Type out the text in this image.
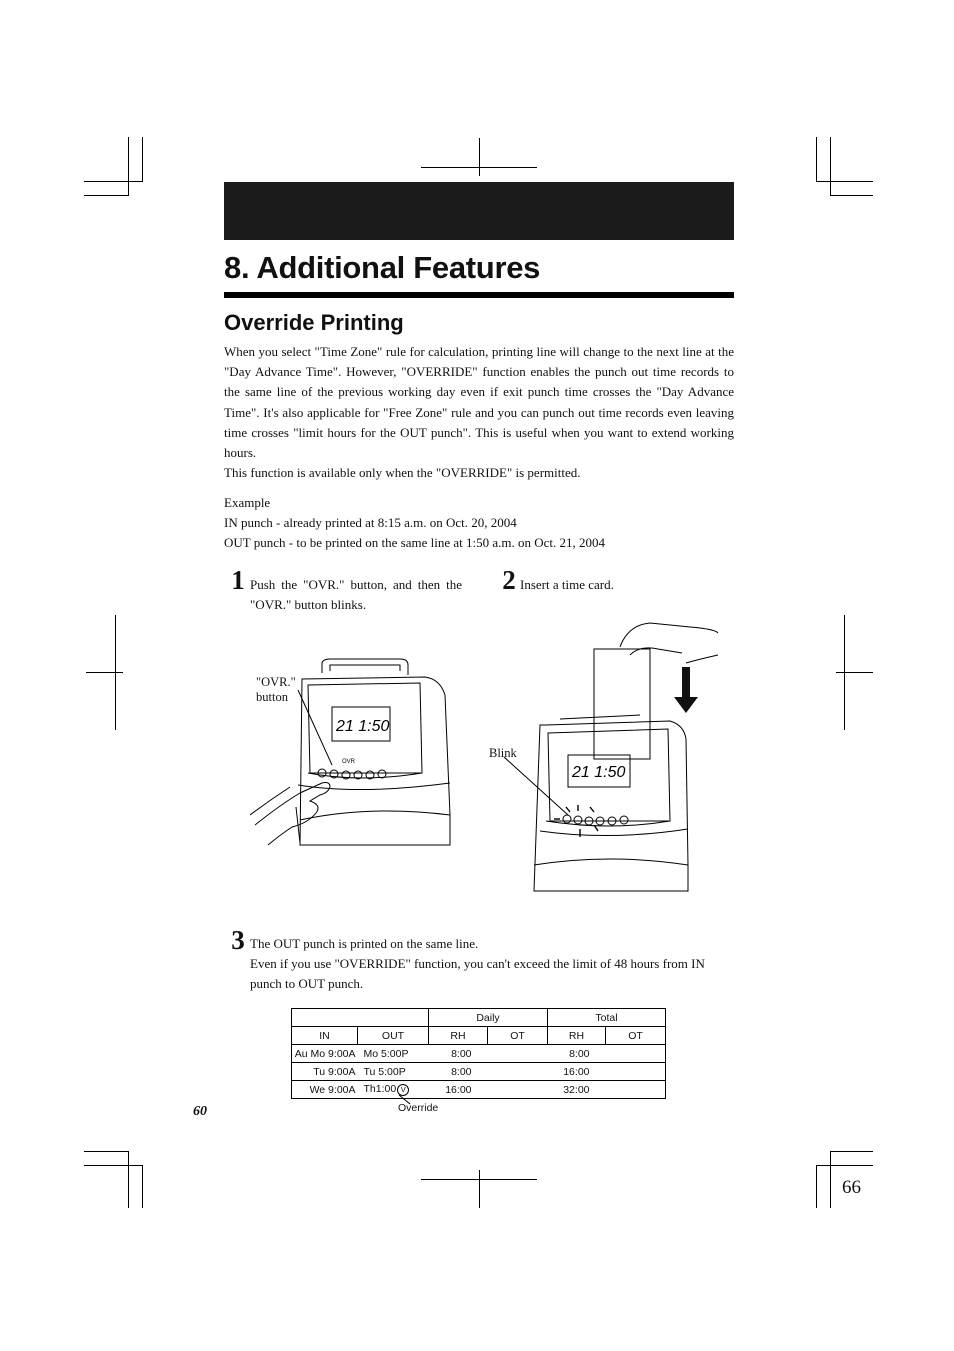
8. Additional Features
Override Printing

When you select "Time Zone" rule for calculation, printing line will change to the next line at the "Day Advance Time". However, "OVERRIDE" function enables the punch out time records to the same line of the previous working day even if exit punch time crosses the "Day Advance Time". It's also applicable for "Free Zone" rule and you can punch out time records even leaving time crosses "limit hours for the OUT punch". This is useful when you want to extend working hours.

This function is available only when the "OVERRIDE" is permitted.

Example
IN punch - already printed at 8:15 a.m. on Oct. 20, 2004
OUT punch - to be printed on the same line at 1:50 a.m. on Oct. 21, 2004
1 Push the "OVR." button, and then the "OVR." button blinks.
2 Insert a time card.
"OVR."
button
21 1:50
OVR
Blink
21 1:50
3 The OUT punch is printed on the same line.
Even if you use "OVERRIDE" function, you can't exceed the limit of 48 hours from IN punch to OUT punch.
		Daily		Total	
IN	OUT	RH	OT	RH	OT
Au Mo 9:00A	Mo 5:00P	8:00		8:00	
Tu 9:00A	Tu 5:00P	8:00		16:00	
We 9:00A	Th1:00 V	16:00		32:00	
Override
60
66
